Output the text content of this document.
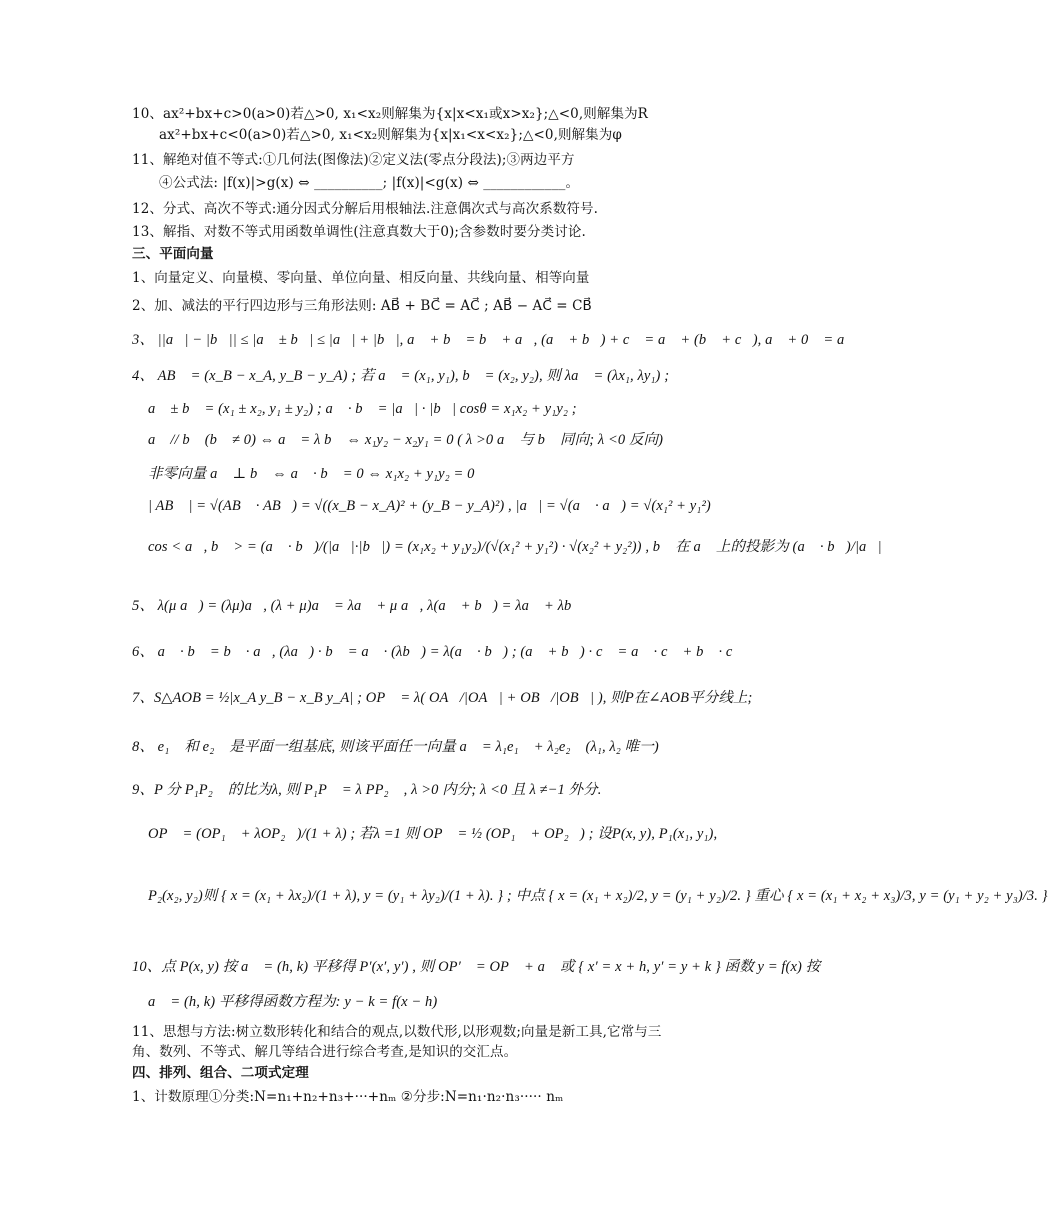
10、ax²+bx+c>0(a>0)若△>0, x₁<x₂则解集为{x|x<x₁或x>x₂};△<0,则解集为R
ax²+bx+c<0(a>0)若△>0, x₁<x₂则解集为{x|x₁<x<x₂};△<0,则解集为φ
11、解绝对值不等式:①几何法(图像法)②定义法(零点分段法);③两边平方
④公式法: |f(x)|>g(x) ⇔ __________; |f(x)|<g(x) ⇔ ____________。
12、分式、高次不等式:通分因式分解后用根轴法.注意偶次式与高次系数符号.
13、解指、对数不等式用函数单调性(注意真数大于0);含参数时要分类讨论.
三、平面向量
1、向量定义、向量模、零向量、单位向量、相反向量、共线向量、相等向量
2、加、减法的平行四边形与三角形法则: AB⃗ + BC⃗ = AC⃗ ; AB⃗ − AC⃗ = CB⃗
3、 ||a⃗| − |b⃗|| ≤ |a⃗ ± b⃗| ≤ |a⃗| + |b⃗|, a⃗ + b⃗ = b⃗ + a⃗, (a⃗ + b⃗) + c⃗ = a⃗ + (b⃗ + c⃗), a⃗ + 0⃗ = a⃗
4、 AB⃗ = (x_B − x_A, y_B − y_A) ; 若 a⃗ = (x₁, y₁), b⃗ = (x₂, y₂), 则 λa⃗ = (λx₁, λy₁) ;
a⃗ ± b⃗ = (x₁ ± x₂, y₁ ± y₂) ; a⃗ · b⃗ = |a⃗| · |b⃗| cosθ = x₁x₂ + y₁y₂ ;
a⃗ // b⃗ (b⃗ ≠ 0) ⇔ a⃗ = λ b⃗ ⇔ x₁y₂ − x₂y₁ = 0 ( λ >0 a⃗ 与 b⃗ 同向; λ <0 反向)
非零向量 a⃗ ⊥ b⃗ ⇔ a⃗ · b⃗ = 0 ⇔ x₁x₂ + y₁y₂ = 0
| AB⃗ | = √(AB⃗ · AB⃗) = √((x_B − x_A)² + (y_B − y_A)²) , |a⃗| = √(a⃗ · a⃗) = √(x₁² + y₁²)
cos < a⃗, b⃗ > = (a⃗ · b⃗)/(|a⃗|·|b⃗|) = (x₁x₂ + y₁y₂)/(√(x₁² + y₁²) · √(x₂² + y₂²)) , b⃗ 在 a⃗ 上的投影为 (a⃗ · b⃗)/|a⃗|
5、 λ(μ a⃗) = (λμ)a⃗, (λ + μ)a⃗ = λa⃗ + μ a⃗, λ(a⃗ + b⃗) = λa⃗ + λb⃗
6、 a⃗ · b⃗ = b⃗ · a⃗, (λa⃗) · b⃗ = a⃗ · (λb⃗) = λ(a⃗ · b⃗) ; (a⃗ + b⃗) · c⃗ = a⃗ · c⃗ + b⃗ · c⃗
7、S△AOB = ½|x_A y_B − x_B y_A| ; OP⃗ = λ( OA⃗/|OA⃗| + OB⃗/|OB⃗| ), 则P在∠AOB平分线上;
8、 e₁⃗ 和 e₂⃗ 是平面一组基底, 则该平面任一向量 a⃗ = λ₁e₁⃗ + λ₂e₂⃗ (λ₁, λ₂ 唯一)
9、P 分 P₁P₂⃗ 的比为λ, 则 P₁P⃗ = λ PP₂⃗ , λ >0 内分; λ <0 且 λ ≠−1 外分.
OP⃗ = (OP₁⃗ + λOP₂⃗)/(1 + λ) ; 若λ =1 则 OP⃗ = ½ (OP₁⃗ + OP₂⃗) ; 设P(x, y), P₁(x₁, y₁),
P₂(x₂, y₂)则 { x = (x₁ + λx₂)/(1 + λ), y = (y₁ + λy₂)/(1 + λ). } ; 中点 { x = (x₁ + x₂)/2, y = (y₁ + y₂)/2. } 重心 { x = (x₁ + x₂ + x₃)/3, y = (y₁ + y₂ + y₃)/3. }
10、点 P(x, y) 按 a⃗ = (h, k) 平移得 P′(x′, y′) , 则 OP′⃗ = OP⃗ + a⃗ 或 { x′ = x + h, y′ = y + k } 函数 y = f(x) 按
a⃗ = (h, k) 平移得函数方程为: y − k = f(x − h)
11、思想与方法:树立数形转化和结合的观点,以数代形,以形观数;向量是新工具,它常与三
角、数列、不等式、解几等结合进行综合考查,是知识的交汇点。
四、排列、组合、二项式定理
1、计数原理①分类:N=n₁+n₂+n₃+···+nₘ ②分步:N=n₁·n₂·n₃····· nₘ
